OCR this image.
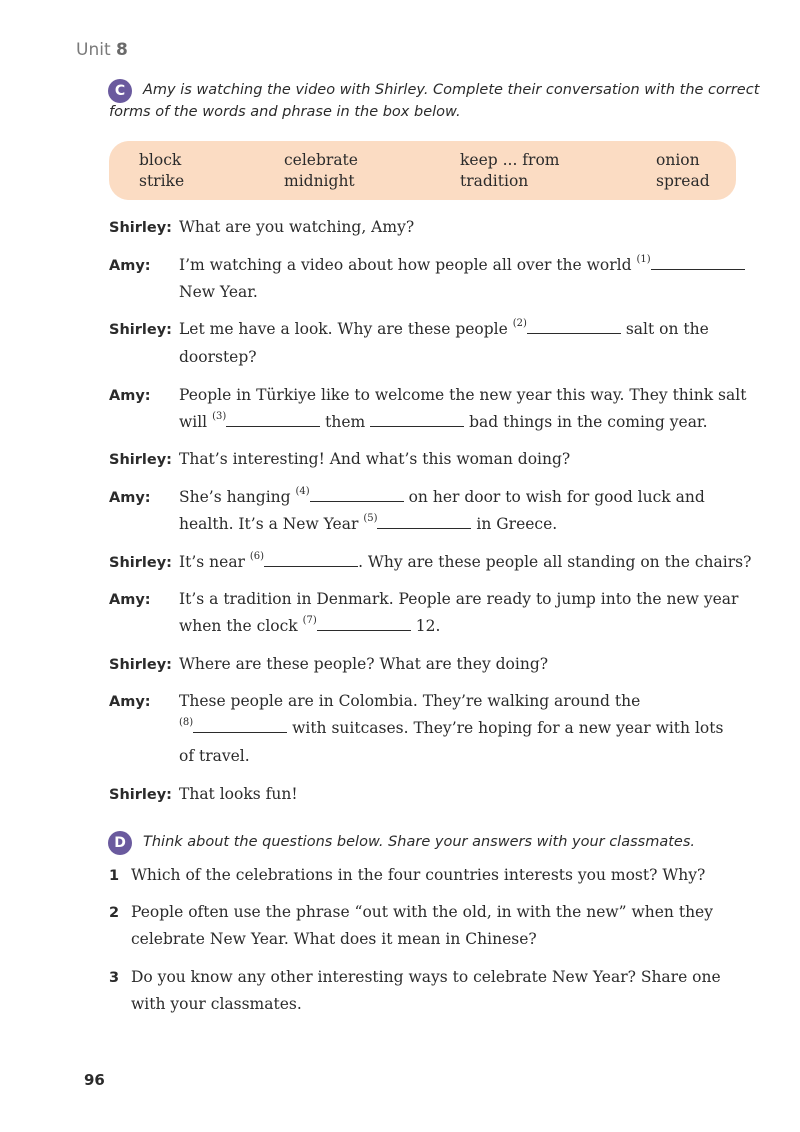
Unit 8
C	Amy is watching the video with Shirley. Complete their conversation with the correct
forms of the words and phrase in the box below.
block
strike
celebrate
midnight
keep ... from
tradition
onion
spread
Shirley: What are you watching, Amy?
Amy: I’m watching a video about how people all over the world $^{(1)}$
New Year.
Shirley: Let me have a look. Why are these people $^{(2)}$	salt on the
doorstep?
Amy: People in Türkiye like to welcome the new year this way. They think salt
will $^{(3)}$	them	bad things in the coming year.
Shirley: That’s interesting! And what’s this woman doing?
Amy: She’s hanging $^{(4)}$	on her door to wish for good luck and
health. It’s a New Year $^{(5)}$	in Greece.
Shirley: It’s near $^{(6)}$	. Why are these people all standing on the chairs?
Amy: It’s a tradition in Denmark. People are ready to jump into the new year
when the clock $^{(7)}$	12.
Shirley: Where are these people? What are they doing?
Amy: These people are in Colombia. They’re walking around the
$^{(8)}$	with suitcases. They’re hoping for a new year with lots
of travel.
Shirley: That looks fun!
D	Think about the questions below. Share your answers with your classmates.
1 Which of the celebrations in the four countries interests you most? Why?
2 People often use the phrase “out with the old, in with the new” when they
celebrate New Year. What does it mean in Chinese?
3 Do you know any other interesting ways to celebrate New Year? Share one
with your classmates.
96
